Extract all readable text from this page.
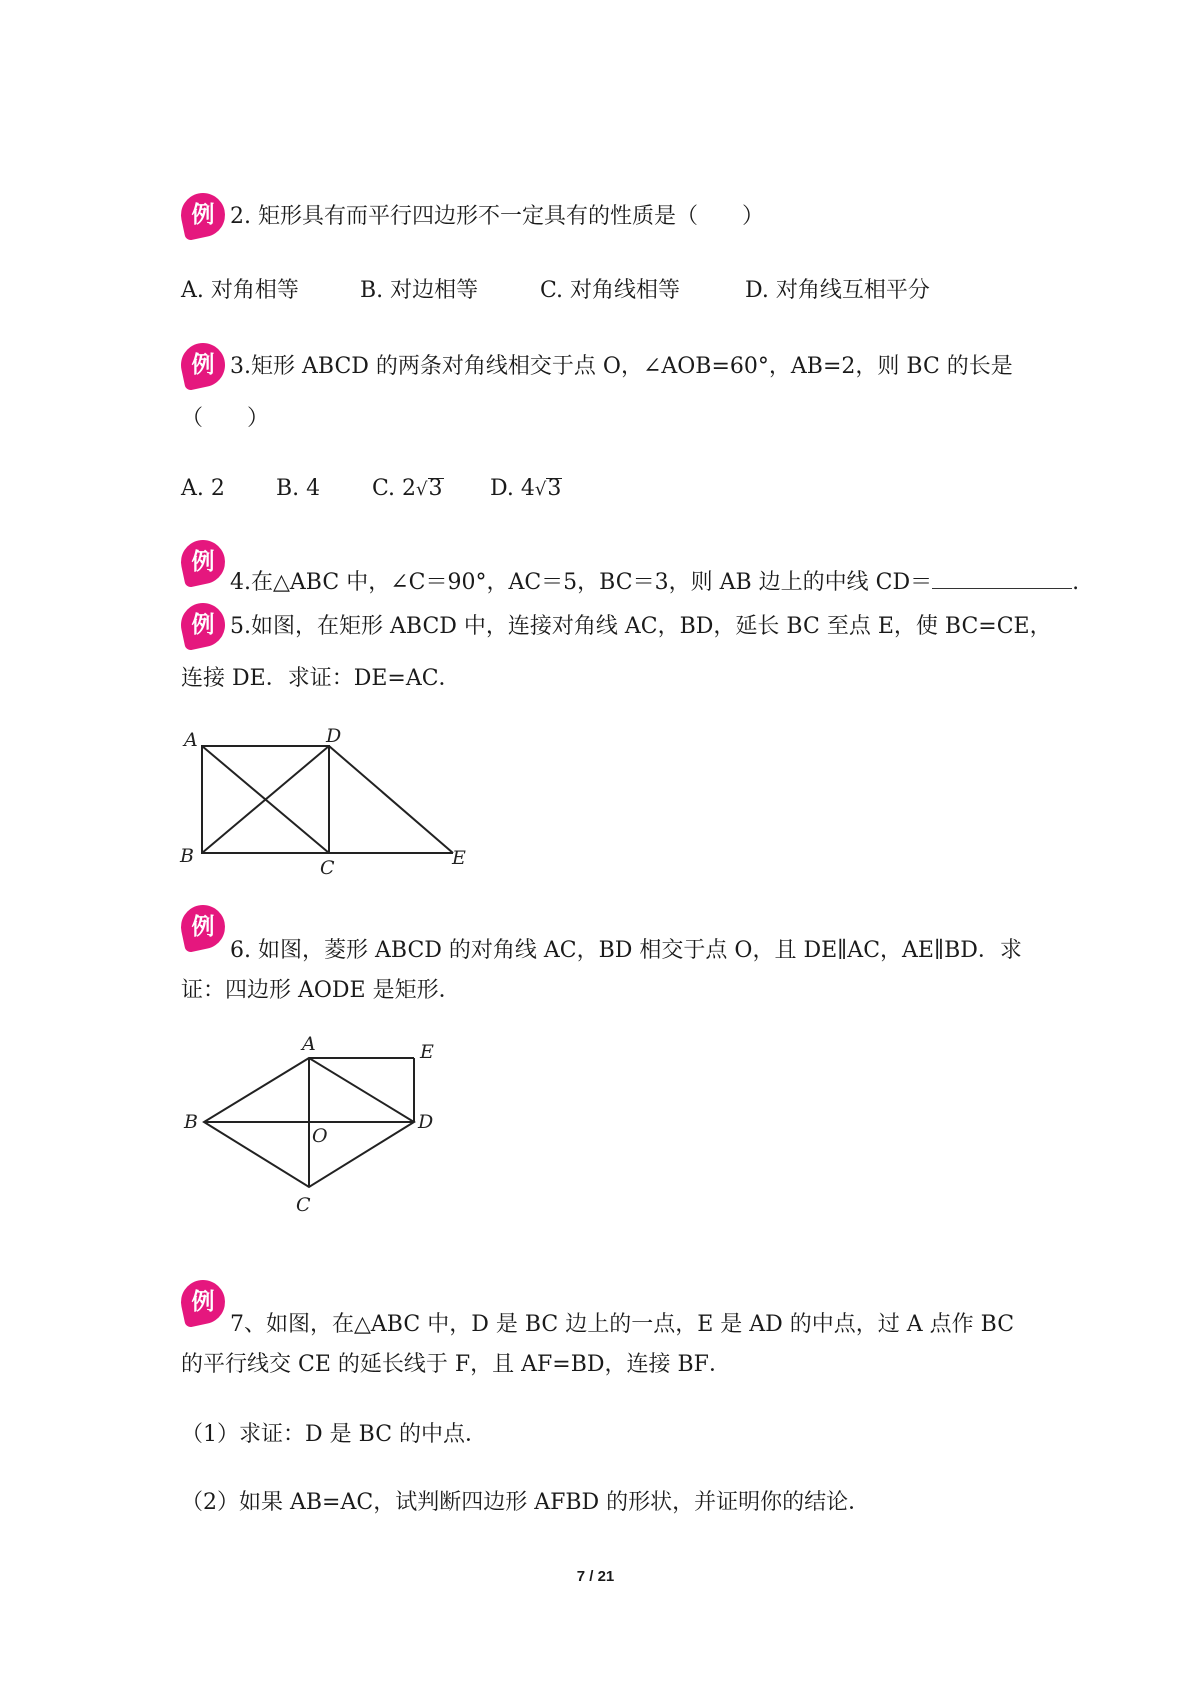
例 2. 矩形具有而平行四边形不一定具有的性质是（　　）
A. 对角相等	B. 对边相等	C. 对角线相等	D. 对角线互相平分
例 3.矩形 ABCD 的两条对角线相交于点 O，∠AOB=60°，AB=2，则 BC 的长是
（　　）
A. 2 B. 4 C. 2√3 D. 4√3
例
4.在△ABC 中，∠C＝90°，AC＝5，BC＝3，则 AB 边上的中线 CD＝	.
例 5.如图，在矩形 ABCD 中，连接对角线 AC，BD，延长 BC 至点 E，使 BC=CE，
连接 DE．求证：DE=AC．
A	D
B
C	E
例
6. 如图，菱形 ABCD 的对角线 AC，BD 相交于点 O，且 DE∥AC，AE∥BD．求
证：四边形 AODE 是矩形．
A	E
B
O
D
C
例
7、如图，在△ABC 中，D 是 BC 边上的一点，E 是 AD 的中点，过 A 点作 BC
的平行线交 CE 的延长线于 F，且 AF=BD，连接 BF．
（1）求证：D 是 BC 的中点．
（2）如果 AB=AC，试判断四边形 AFBD 的形状，并证明你的结论．
7 / 21
